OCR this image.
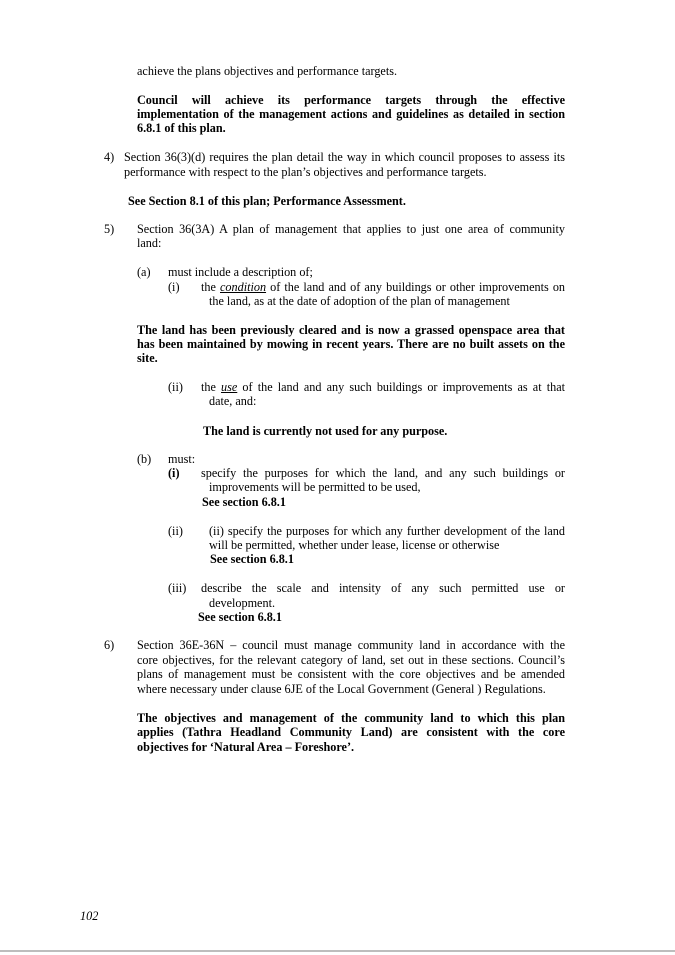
achieve the plans objectives and performance targets.

Council will achieve its performance targets through the effective

implementation of the management actions and guidelines as detailed in section

6.8.1 of this plan.

4) Section 36(3)(d) requires the plan detail the way in which council proposes to assess its

performance with respect to the plan’s objectives and performance targets.

See Section 8.1 of this plan; Performance Assessment.

5) Section 36(3A) A plan of management that applies to just one area of community

land:

(a) must include a description of;

(i) the condition of the land and of any buildings or other improvements on

the land, as at the date of adoption of the plan of management

The land has been previously cleared and is now a grassed openspace area that

has been maintained by mowing in recent years. There are no built assets on the

site.

(ii) the use of the land and any such buildings or improvements as at that

date, and:

The land is currently not used for any purpose.

(b) must:

(i) specify the purposes for which the land, and any such buildings or

improvements will be permitted to be used,

See section 6.8.1

(ii) (ii) specify the purposes for which any further development of the land

will be permitted, whether under lease, license or otherwise

See section 6.8.1

(iii) describe the scale and intensity of any such permitted use or

development.

See section 6.8.1

6) Section 36E-36N – council must manage community land in accordance with the

core objectives, for the relevant category of land, set out in these sections. Council’s

plans of management must be consistent with the core objectives and be amended

where necessary under clause 6JE of the Local Government (General ) Regulations.

The objectives and management of the community land to which this plan

applies (Tathra Headland Community Land) are consistent with the core

objectives for ‘Natural Area – Foreshore’.

102
